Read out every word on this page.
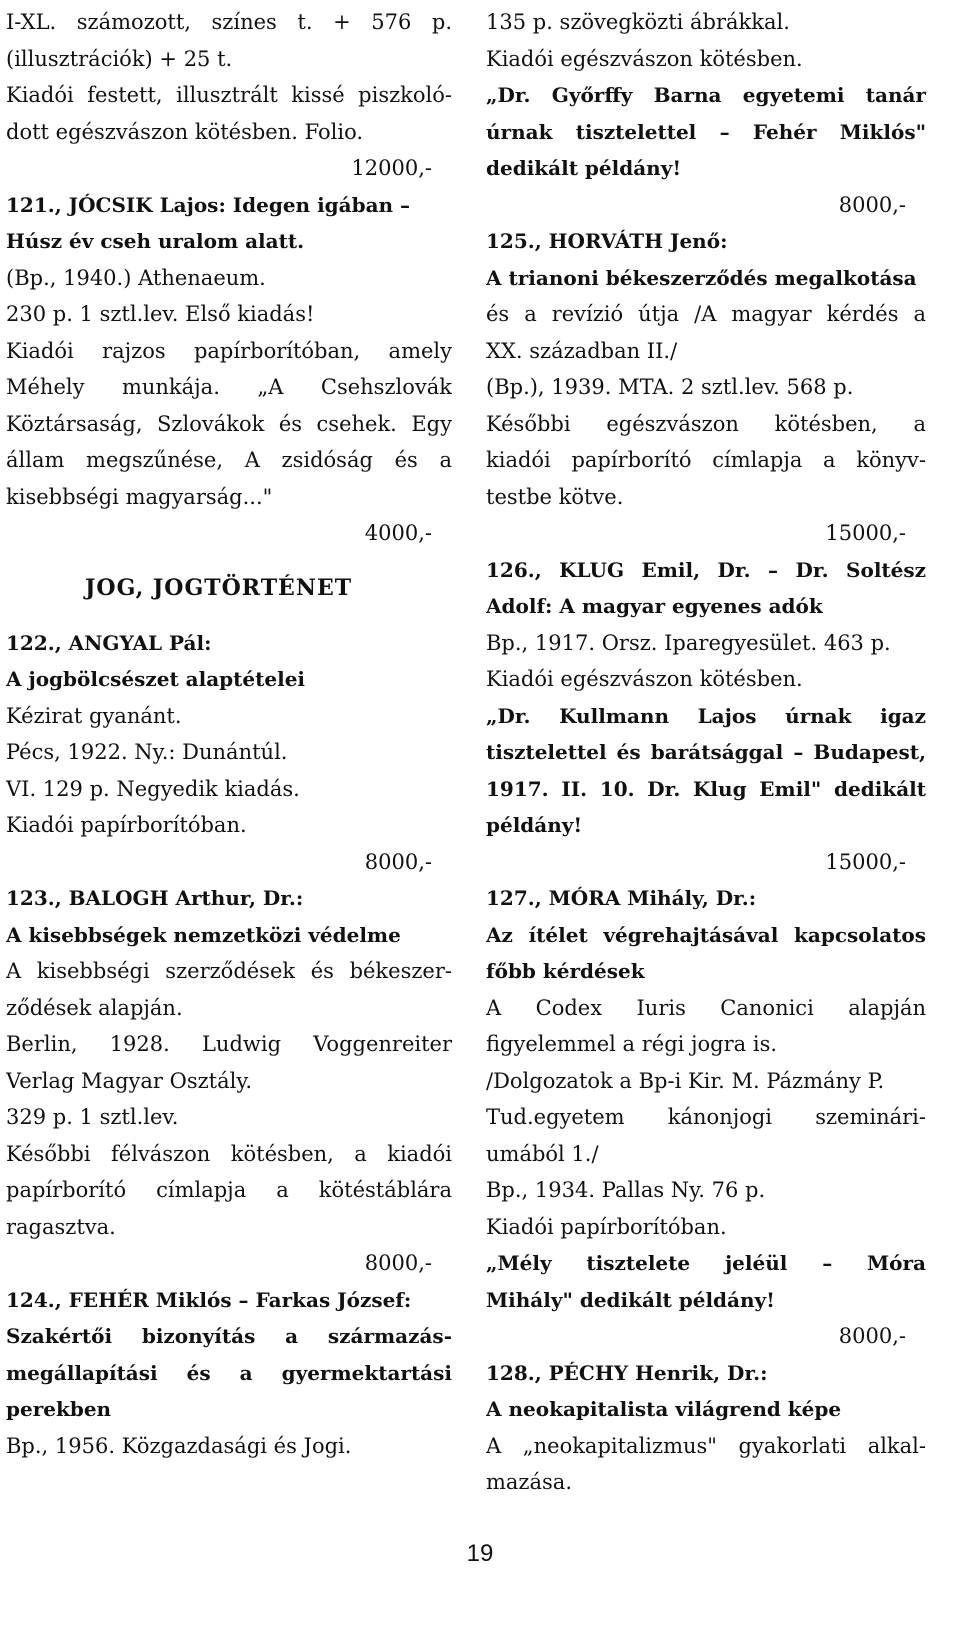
I-XL. számozott, színes t. + 576 p.
(illusztrációk) + 25 t.
Kiadói festett, illusztrált kissé piszkoló-
dott egészvászon kötésben. Folio.
12000,-
121., JÓCSIK Lajos: Idegen igában –
Húsz év cseh uralom alatt.
(Bp., 1940.) Athenaeum.
230 p. 1 sztl.lev. Első kiadás!
Kiadói rajzos papírborítóban, amely
Méhely munkája. „A Csehszlovák
Köztársaság, Szlovákok és csehek. Egy
állam megszűnése, A zsidóság és a
kisebbségi magyarság..."
4000,-
JOG, JOGTÖRTÉNET
122., ANGYAL Pál:
A jogbölcsészet alaptételei
Kézirat gyanánt.
Pécs, 1922. Ny.: Dunántúl.
VI. 129 p. Negyedik kiadás.
Kiadói papírborítóban.
8000,-
123., BALOGH Arthur, Dr.:
A kisebbségek nemzetközi védelme
A kisebbségi szerződések és békeszer-
ződések alapján.
Berlin, 1928. Ludwig Voggenreiter
Verlag Magyar Osztály.
329 p. 1 sztl.lev.
Későbbi félvászon kötésben, a kiadói
papírborító címlapja a kötéstáblára
ragasztva.
8000,-
124., FEHÉR Miklós – Farkas József:
Szakértői bizonyítás a származás-
megállapítási és a gyermektartási
perekben
Bp., 1956. Közgazdasági és Jogi.
135 p. szövegközti ábrákkal.
Kiadói egészvászon kötésben.
„Dr. Győrffy Barna egyetemi tanár
úrnak tisztelettel – Fehér Miklós"
dedikált példány!
8000,-
125., HORVÁTH Jenő:
A trianoni békeszerződés megalkotása
és a revízió útja /A magyar kérdés a
XX. században II./
(Bp.), 1939. MTA. 2 sztl.lev. 568 p.
Későbbi egészvászon kötésben, a
kiadói papírborító címlapja a könyv-
testbe kötve.
15000,-
126., KLUG Emil, Dr. – Dr. Soltész
Adolf: A magyar egyenes adók
Bp., 1917. Orsz. Iparegyesület. 463 p.
Kiadói egészvászon kötésben.
„Dr. Kullmann Lajos úrnak igaz
tisztelettel és barátsággal – Budapest,
1917. II. 10. Dr. Klug Emil" dedikált
példány!
15000,-
127., MÓRA Mihály, Dr.:
Az ítélet végrehajtásával kapcsolatos
főbb kérdések
A Codex Iuris Canonici alapján
figyelemmel a régi jogra is.
/Dolgozatok a Bp-i Kir. M. Pázmány P.
Tud.egyetem kánonjogi szeminári-
umából 1./
Bp., 1934. Pallas Ny. 76 p.
Kiadói papírborítóban.
„Mély tisztelete jeléül – Móra
Mihály" dedikált példány!
8000,-
128., PÉCHY Henrik, Dr.:
A neokapitalista világrend képe
A „neokapitalizmus" gyakorlati alkal-
mazása.
19
